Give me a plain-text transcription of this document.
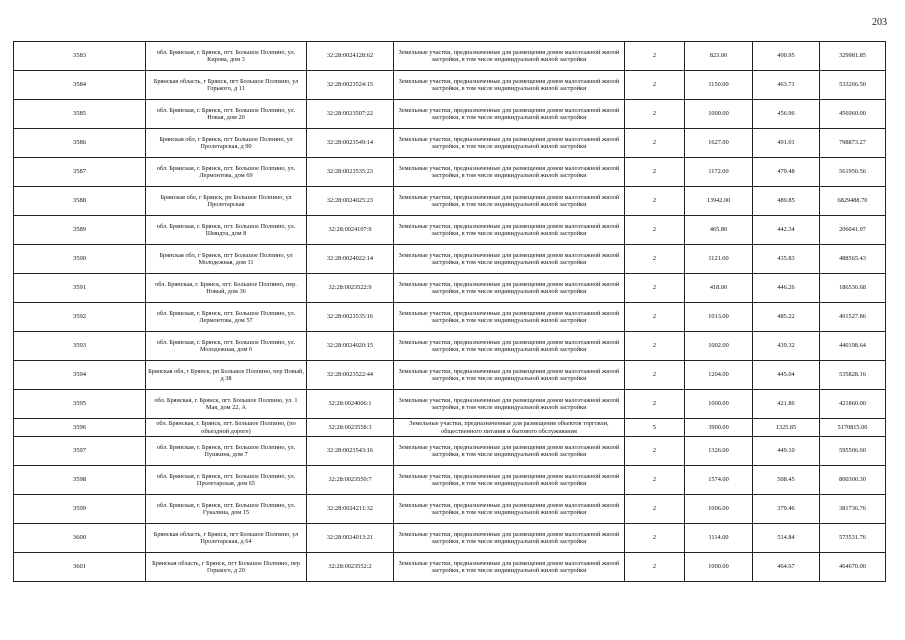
203
3583	обл. Брянская, г. Брянск, пгт. Большое Полпино, ул. Кирова, дом 3	32:28:0024128:62	Земельные участки, предназначенные для размещения домов малоэтажной жилой застройки, в том числе индивидуальной жилой застройки	2	823.00	400.95	329981.85
3584	Брянская область, г Брянск, пгт Большое Полпино, ул Горького, д 11	32:28:0023524:15	Земельные участки, предназначенные для размещения домов малоэтажной жилой застройки, в том числе индивидуальной жилой застройки	2	1150.00	463.71	533266.50
3585	обл. Брянская, г. Брянск, пгт. Большое Полпино, ул. Новая, дом 20	32:28:0023507:22	Земельные участки, предназначенные для размещения домов малоэтажной жилой застройки, в том числе индивидуальной жилой застройки	2	1000.00	456.96	456960.00
3586	Брянская обл, г Брянск, пгт Большое Полпино, ул Пролетарская, д 90	32:28:0023549:14	Земельные участки, предназначенные для размещения домов малоэтажной жилой застройки, в том числе индивидуальной жилой застройки	2	1627.00	491.01	798873.27
3587	обл. Брянская, г. Брянск, пгт. Большое Полпино, ул. Лермонтова, дом 69	32:28:0023535:23	Земельные участки, предназначенные для размещения домов малоэтажной жилой застройки, в том числе индивидуальной жилой застройки	2	1172.00	479.48	561950.56
3588	Брянская обл, г Брянск, рп Большое Полпино, ул Пролетарская	32:28:0024025:23	Земельные участки, предназначенные для размещения домов малоэтажной жилой застройки, в том числе индивидуальной жилой застройки	2	13942.00	489.85	6829488.70
3589	обл. Брянская, г. Брянск, пгт. Большое Полпино, ул. Шмидта, дом 8	32:28:0024107:9	Земельные участки, предназначенные для размещения домов малоэтажной жилой застройки, в том числе индивидуальной жилой застройки	2	465.80	442.34	206041.97
3590	Брянская обл, г Брянск, пгт Большое Полпино, ул Молодежная, дом 11	32:28:0024022:14	Земельные участки, предназначенные для размещения домов малоэтажной жилой застройки, в том числе индивидуальной жилой застройки	2	1121.00	435.83	488565.43
3591	обл. Брянская, г. Брянск, пгт. Большое Полпино, пер. Новый, дом 36	32:28:0023522:9	Земельные участки, предназначенные для размещения домов малоэтажной жилой застройки, в том числе индивидуальной жилой застройки	2	418.00	446.26	186536.68
3592	обл. Брянская, г. Брянск, пгт. Большое Полпино, ул. Лермонтова, дом 57	32:28:0023535:16	Земельные участки, предназначенные для размещения домов малоэтажной жилой застройки, в том числе индивидуальной жилой застройки	2	1013.00	485.22	491527.86
3593	обл. Брянская, г. Брянск, пгт. Большое Полпино, ул. Молодежная, дом 6	32:28:0024020:15	Земельные участки, предназначенные для размещения домов малоэтажной жилой застройки, в том числе индивидуальной жилой застройки	2	1002.00	439.32	440198.64
3594	Брянская обл, г Брянск, рп Большое Полпино, пер Новый, д 38	32:28:0023522:44	Земельные участки, предназначенные для размещения домов малоэтажной жилой застройки, в том числе индивидуальной жилой застройки	2	1204.00	445.04	535828.16
3595	обл. Брянская, г. Брянск, пгт. Большое Полпино, ул. 1 Мая, дом 22, А	32:28:0024006:1	Земельные участки, предназначенные для размещения домов малоэтажной жилой застройки, в том числе индивидуальной жилой застройки	2	1000.00	421.86	421860.00
3596	обл. Брянская, г. Брянск, пгт. Большое Полпино, (по объездной дороге)	32:28:0023558:3	Земельные участки, предназначенные для размещения объектов торговли, общественного питания и бытового обслуживания	5	3900.00	1325.85	5170815.00
3597	обл. Брянская, г. Брянск, пгт. Большое Полпино, ул. Пушкина, дом 7	32:28:0023543:16	Земельные участки, предназначенные для размещения домов малоэтажной жилой застройки, в том числе индивидуальной жилой застройки	2	1326.00	449.10	595506.60
3598	обл. Брянская, г. Брянск, пгт. Большое Полпино, ул. Пролетарская, дом 65	32:28:0023550:7	Земельные участки, предназначенные для размещения домов малоэтажной жилой застройки, в том числе индивидуальной жилой застройки	2	1574.00	508.45	800300.30
3599	обл. Брянская, г. Брянск, пгт. Большое Полпино, ул. Гукалина, дом 15	32:28:0024211:32	Земельные участки, предназначенные для размещения домов малоэтажной жилой застройки, в том числе индивидуальной жилой застройки	2	1006.00	379.46	381736.76
3600	Брянская область, г Брянск, пгт Большое Полпино, ул Пролетарская, д 64	32:28:0024013:21	Земельные участки, предназначенные для размещения домов малоэтажной жилой застройки, в том числе индивидуальной жилой застройки	2	1114.00	514.84	573531.76
3601	Брянская область, г Брянск, пгт Большое Полпино, пер Горького, д 20	32:28:0023552:2	Земельные участки, предназначенные для размещения домов малоэтажной жилой застройки, в том числе индивидуальной жилой застройки	2	1000.00	464.67	464670.00
